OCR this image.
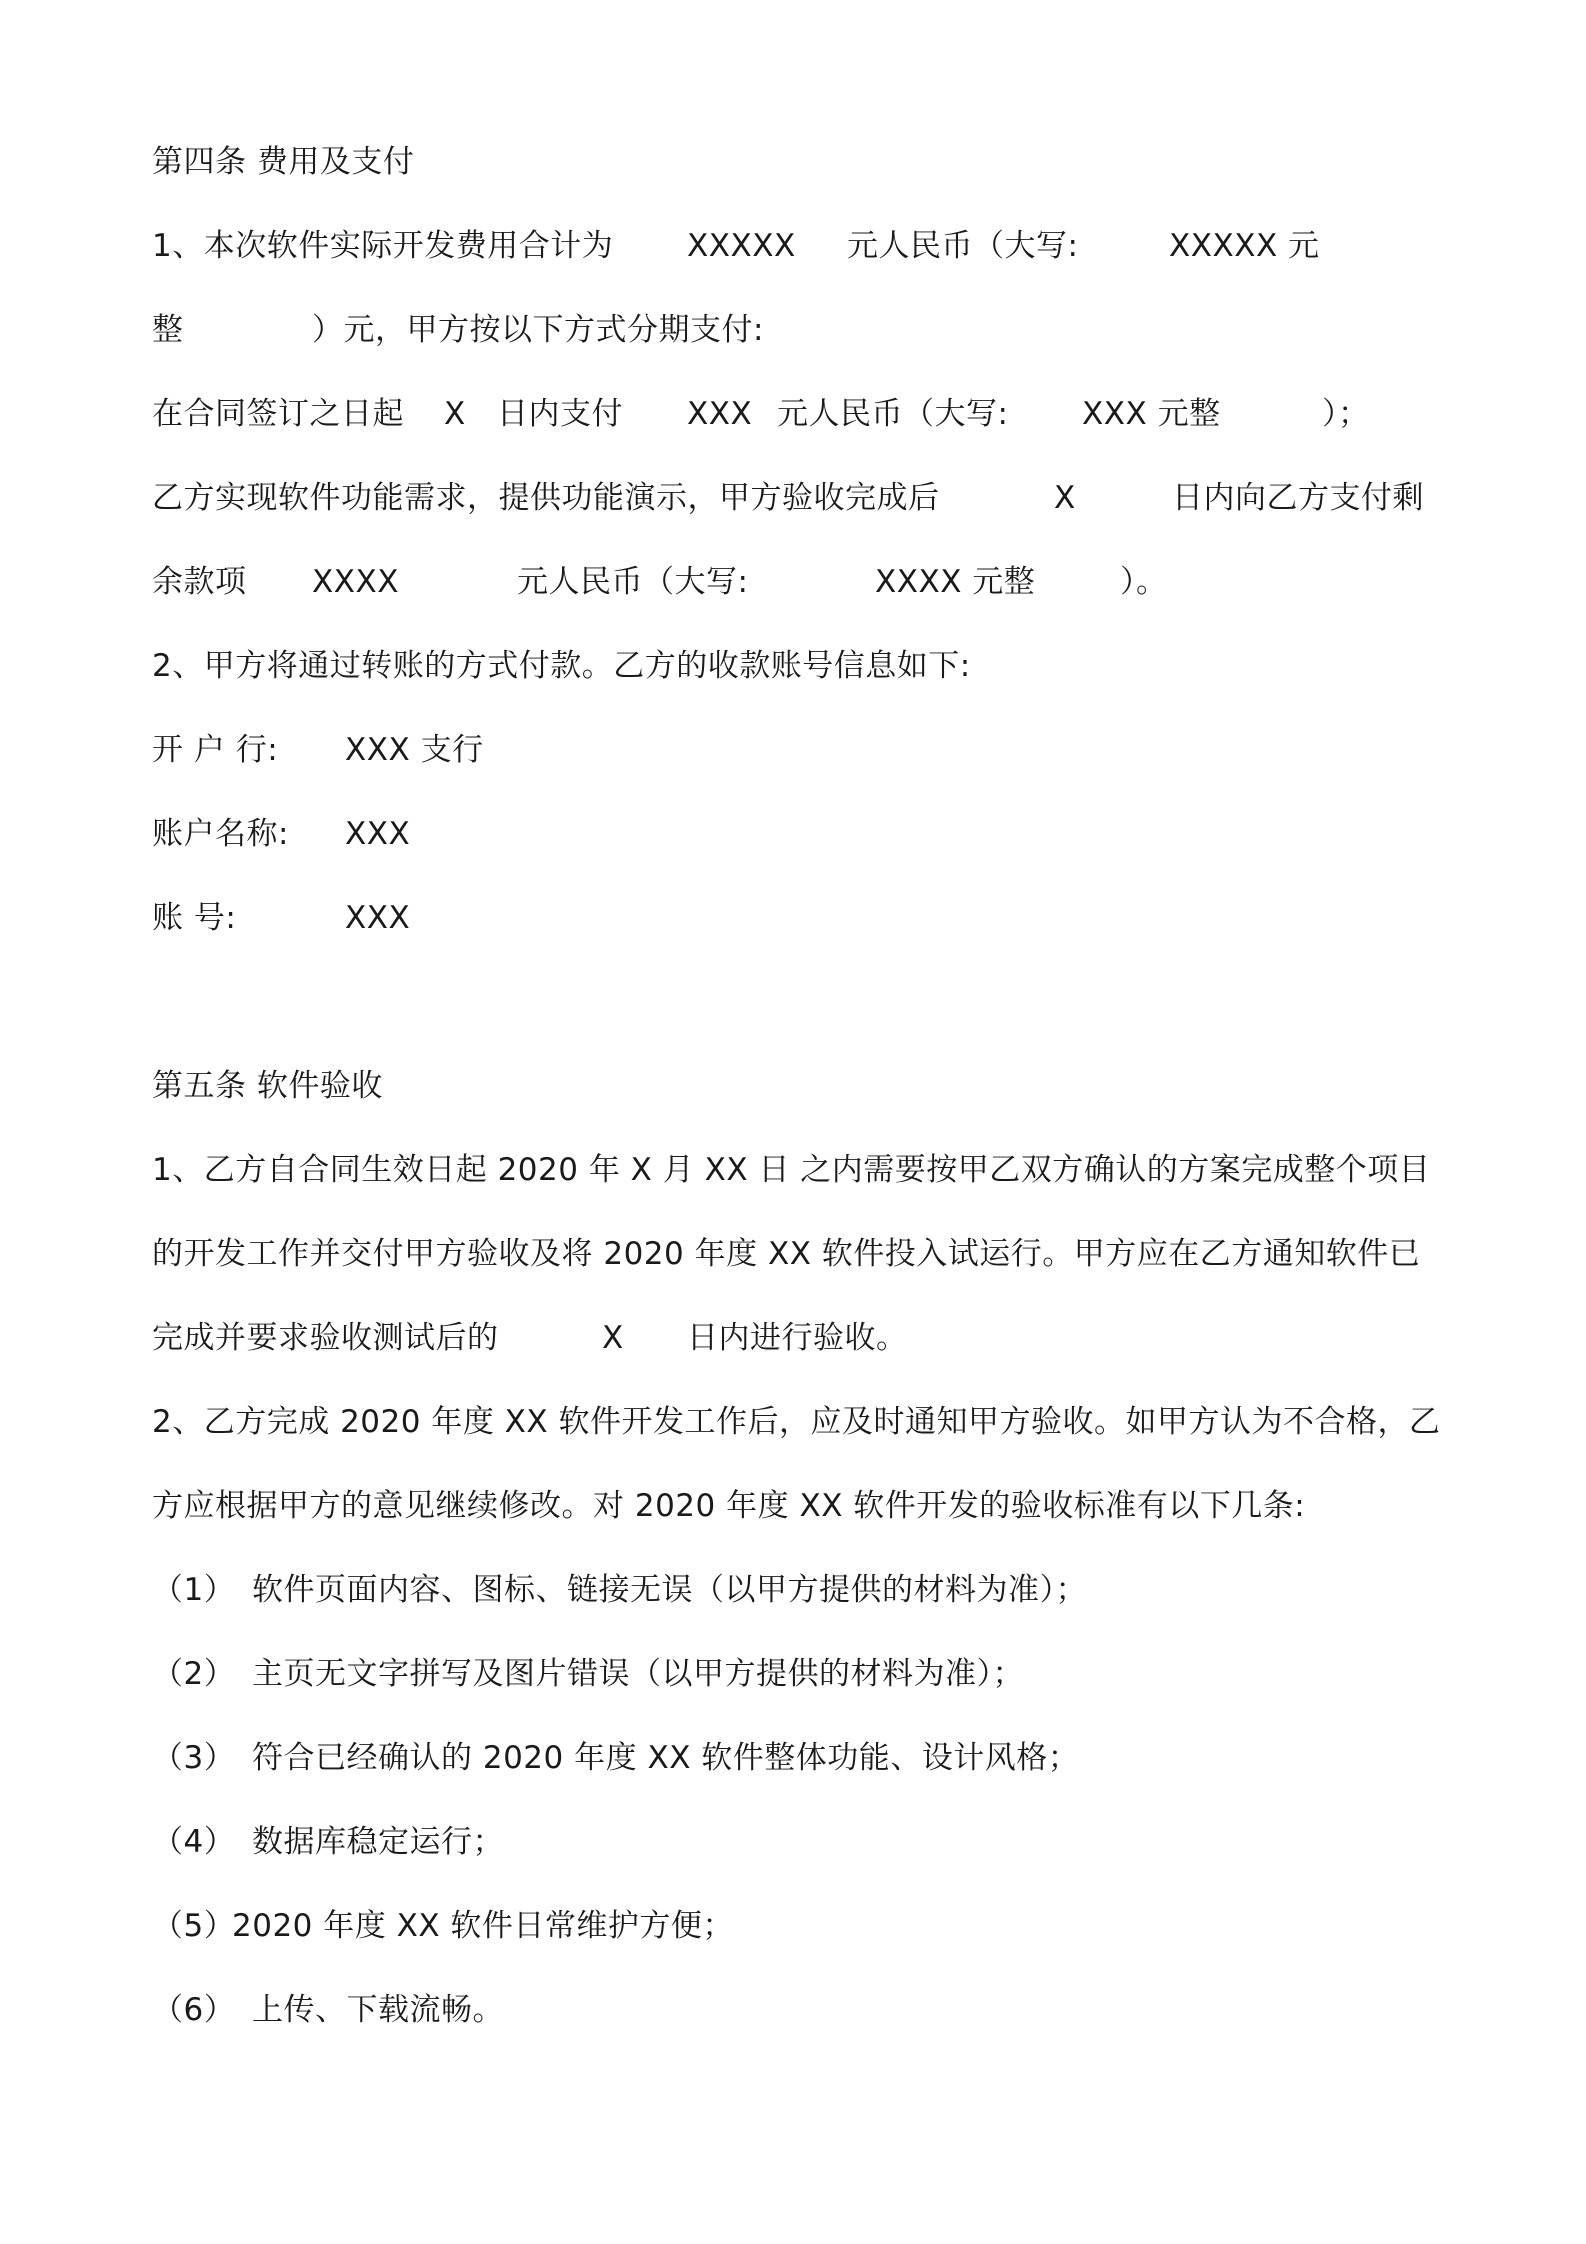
第四条 费用及支付
1、本次软件实际开发费用合计为 XXXXX 元人民币（大写:	XXXXX 元
整	）元，甲方按以下方式分期支付:
在合同签订之日起 X 日内支付 XXX 元人民币（大写: XXX 元整	）；
乙方实现软件功能需求，提供功能演示，甲方验收完成后	X	日内向乙方支付剩
余款项 XXXX	元人民币（大写:	XXXX 元整	）。
2、甲方将通过转账的方式付款。乙方的收款账号信息如下:
开 户 行: XXX 支行
账户名称: XXX
账 号:	XXX
第五条 软件验收
1、乙方自合同生效日起 2020 年 X 月 XX 日 之内需要按甲乙双方确认的方案完成整个项目
的开发工作并交付甲方验收及将 2020 年度 XX 软件投入试运行。甲方应在乙方通知软件已
完成并要求验收测试后的	X 日内进行验收。
2、乙方完成 2020 年度 XX 软件开发工作后，应及时通知甲方验收。如甲方认为不合格，乙
方应根据甲方的意见继续修改。对 2020 年度 XX 软件开发的验收标准有以下几条:
（1） 软件页面内容、图标、链接无误（以甲方提供的材料为准）；
（2） 主页无文字拼写及图片错误（以甲方提供的材料为准）；
（3） 符合已经确认的 2020 年度 XX 软件整体功能、设计风格；
（4） 数据库稳定运行；
（5）
2020 年度 XX 软件日常维护方便；
（6） 上传、下载流畅。
